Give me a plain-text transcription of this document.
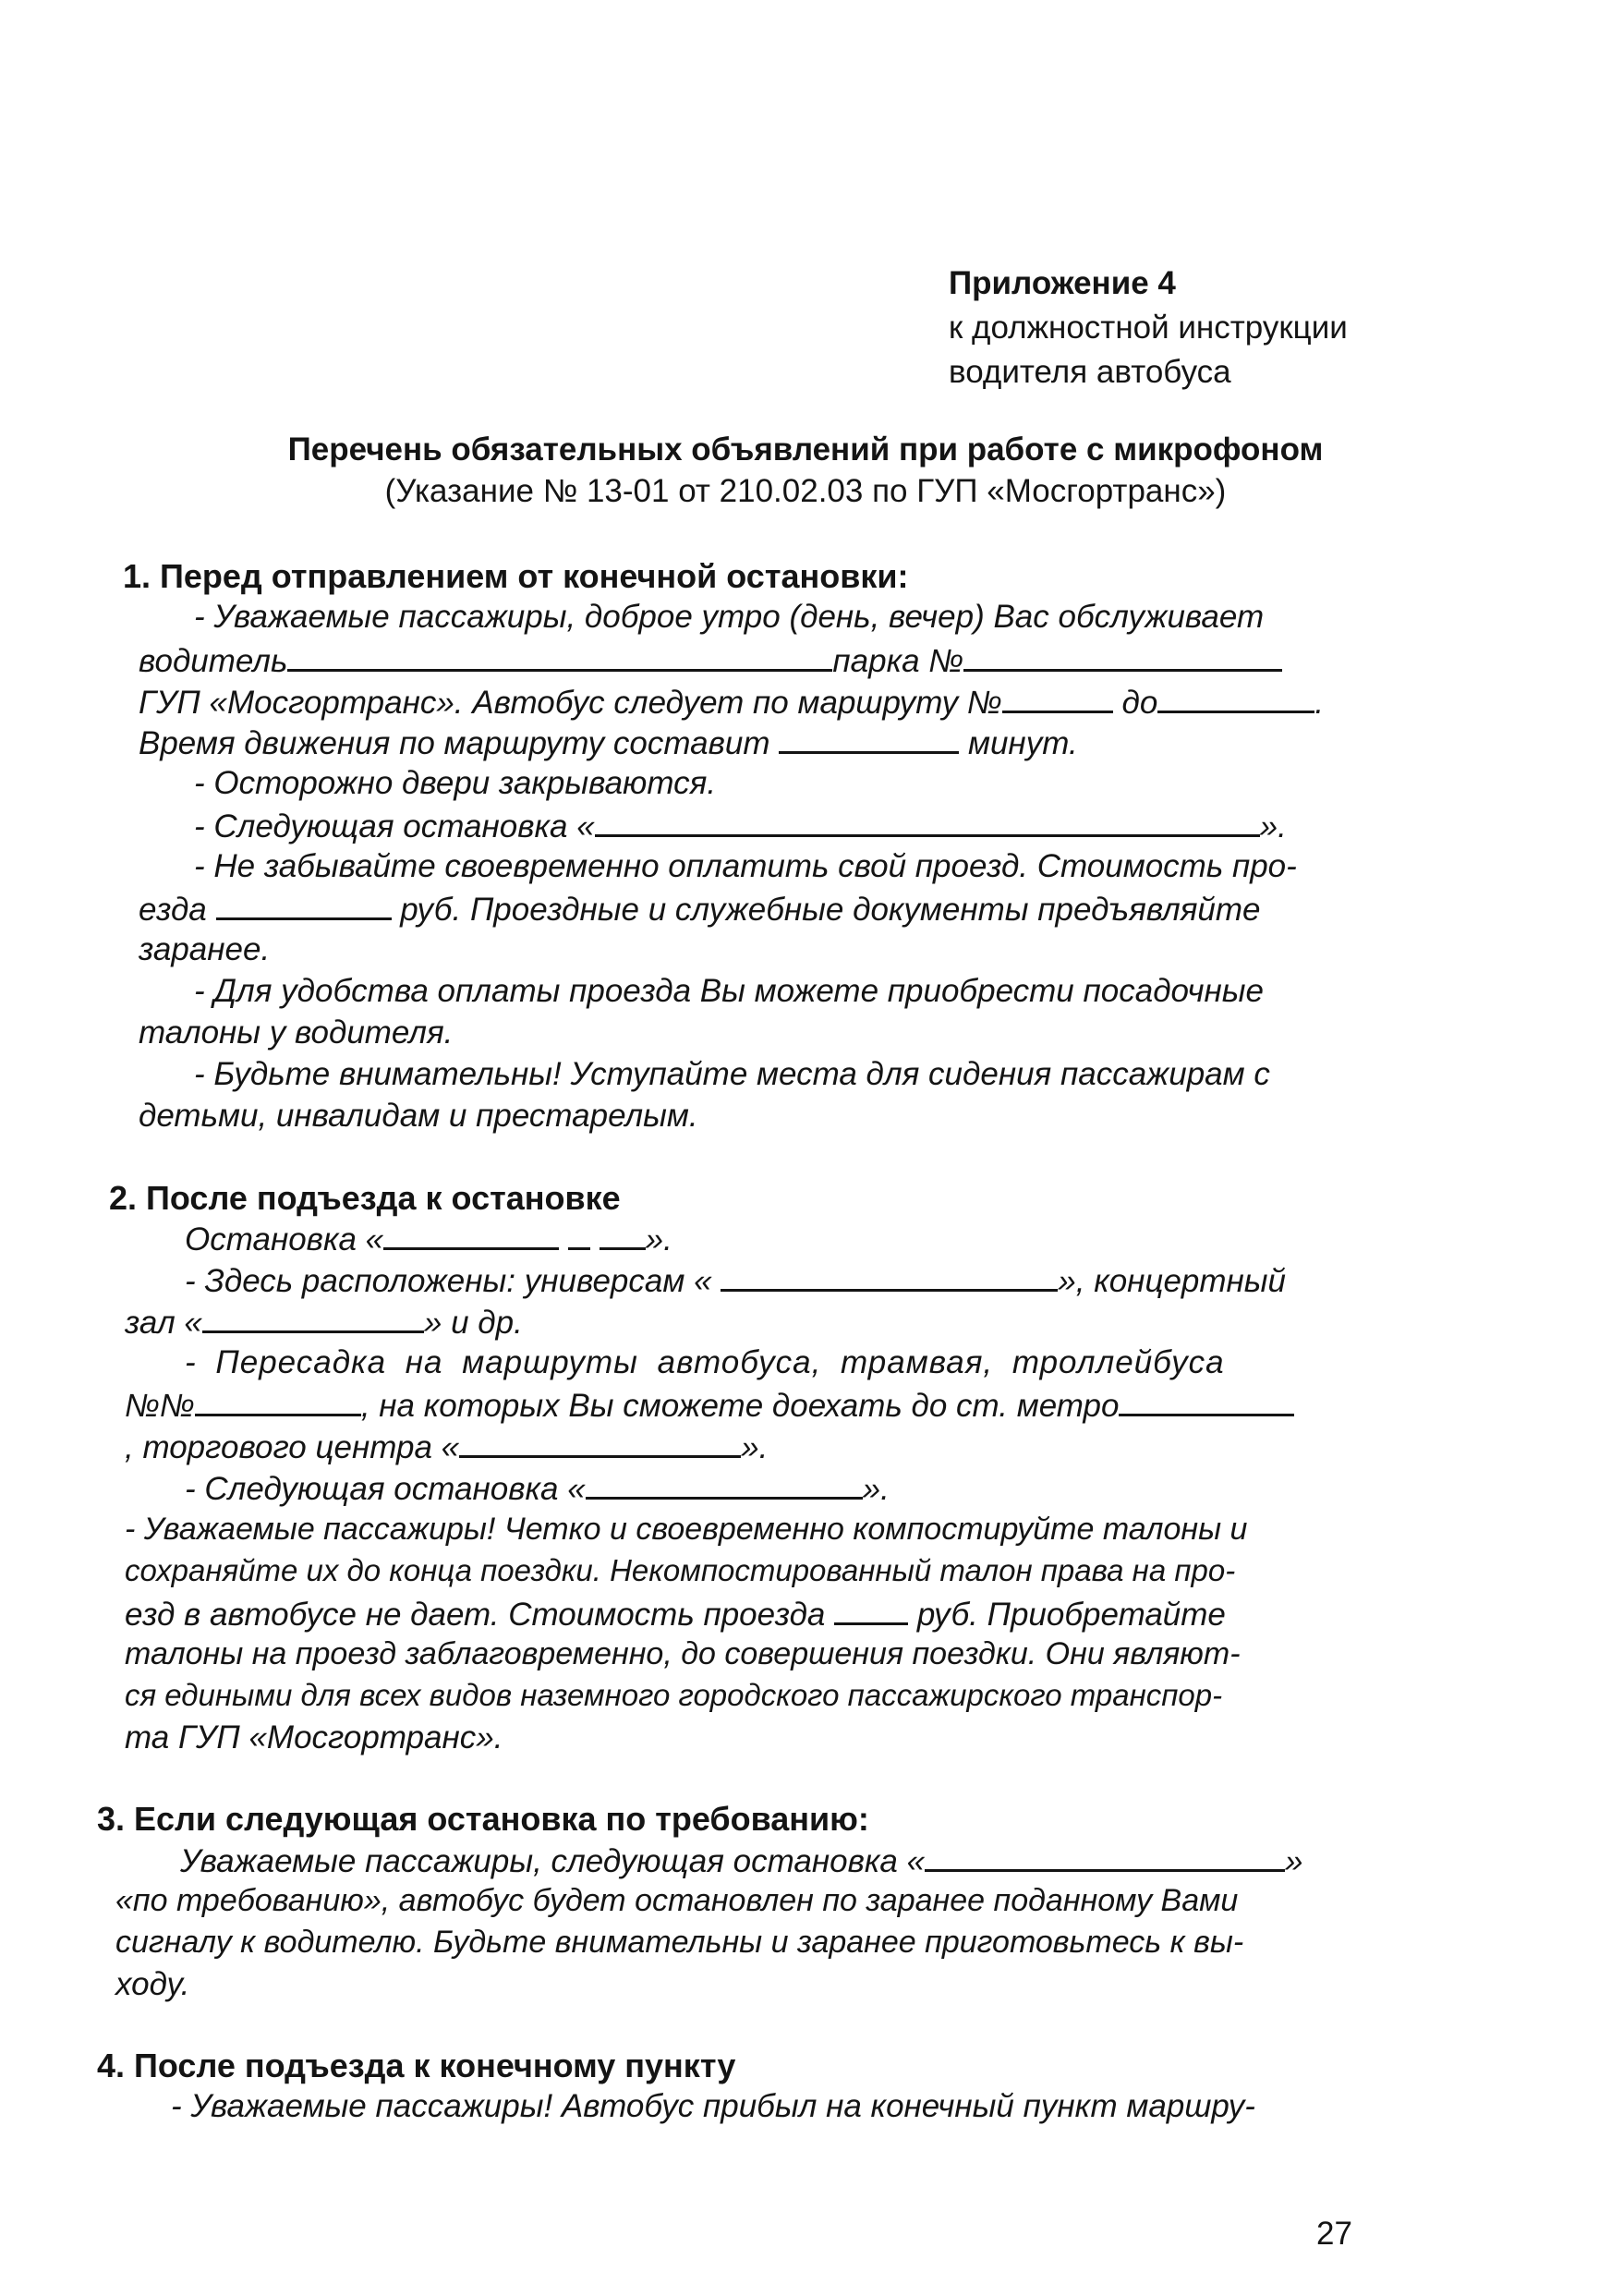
Приложение 4
к должностной инструкции
водителя автобуса
Перечень обязательных объявлений при работе с микрофоном
(Указание № 13-01 от 210.02.03 по ГУП «Мосгортранс»)
1. Перед отправлением от конечной остановки:
- Уважаемые пассажиры, доброе утро (день, вечер) Вас обслуживает
водитель	парка №
ГУП «Мосгортранс». Автобус следует по маршруту №	до	.
Время движения по маршруту составит	минут.
- Осторожно двери закрываются.
- Следующая остановка «	».
- Не забывайте своевременно оплатить свой проезд. Стоимость про-
езда	руб. Проездные и служебные документы предъявляйте
заранее.
- Для удобства оплаты проезда Вы можете приобрести посадочные
талоны у водителя.
- Будьте внимательны! Уступайте места для сидения пассажирам с
детьми, инвалидам и престарелым.
2. После подъезда к остановке
Остановка «	».
- Здесь расположены: универсам «	», концертный
зал «	» и др.
- Пересадка на маршруты автобуса, трамвая, троллейбуса
№№	, на которых Вы сможете доехать до ст. метро
, торгового центра «	».
- Следующая остановка «	».
- Уважаемые пассажиры! Четко и своевременно компостируйте талоны и
сохраняйте их до конца поездки. Некомпостированный талон права на про-
езд в автобусе не дает. Стоимость проезда	руб. Приобретайте
талоны на проезд заблаговременно, до совершения поездки. Они являют-
ся едиными для всех видов наземного городского пассажирского транспор-
та ГУП «Мосгортранс».
3. Если следующая остановка по требованию:
Уважаемые пассажиры, следующая остановка «	»
«по требованию», автобус будет остановлен по заранее поданному Вами
сигналу к водителю. Будьте внимательны и заранее приготовьтесь к вы-
ходу.
4. После подъезда к конечному пункту
- Уважаемые пассажиры! Автобус прибыл на конечный пункт маршру-
27
